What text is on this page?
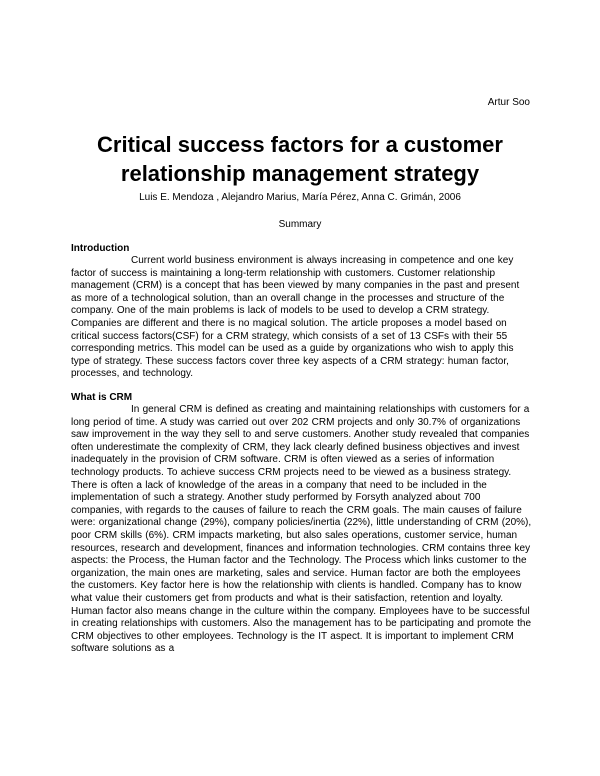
Artur Soo
Critical success factors for a customer relationship management strategy
Luis E. Mendoza , Alejandro Marius, María Pérez, Anna C. Grimán, 2006
Summary
Introduction
Current world business environment is always increasing in competence and one key factor of success is maintaining a long-term relationship with customers. Customer relationship management (CRM) is a concept that has been viewed by many companies in the past and present as more of a technological solution, than an overall change in the processes and structure of the company. One of the main problems is lack of models to be used to develop a CRM strategy. Companies are different and there is no magical solution. The article proposes a model based on critical success factors(CSF) for a CRM strategy, which consists of a set of 13 CSFs with their 55 corresponding metrics. This model can be used as a guide by organizations who wish to apply this type of strategy. These success factors cover three key aspects of a CRM strategy: human factor, processes, and technology.
What is CRM
In general CRM is defined as creating and maintaining relationships with customers for a long period of time. A study was carried out over 202 CRM projects and only 30.7% of organizations saw improvement in the way they sell to and serve customers. Another study revealed that companies often underestimate the complexity of CRM, they lack clearly defined business objectives and invest inadequately in the provision of CRM software. CRM is often viewed as a series of information technology products. To achieve success CRM projects need to be viewed as a business strategy. There is often a lack of knowledge of the areas in a company that need to be included in the implementation of such a strategy. Another study performed by Forsyth analyzed about 700 companies, with regards to the causes of failure to reach the CRM goals. The main causes of failure were: organizational change (29%), company policies/inertia (22%), little understanding of CRM (20%), poor CRM skills (6%). CRM impacts marketing, but also sales operations, customer service, human resources, research and development, finances and information technologies. CRM contains three key aspects: the Process, the Human factor and the Technology. The Process which links customer to the organization, the main ones are marketing, sales and service. Human factor are both the employees the customers. Key factor here is how the relationship with clients is handled. Company has to know what value their customers get from products and what is their satisfaction, retention and loyalty. Human factor also means change in the culture within the company. Employees have to be successful in creating relationships with customers. Also the management has to be participating and promote the CRM objectives to other employees. Technology is the IT aspect. It is important to implement CRM software solutions as a
